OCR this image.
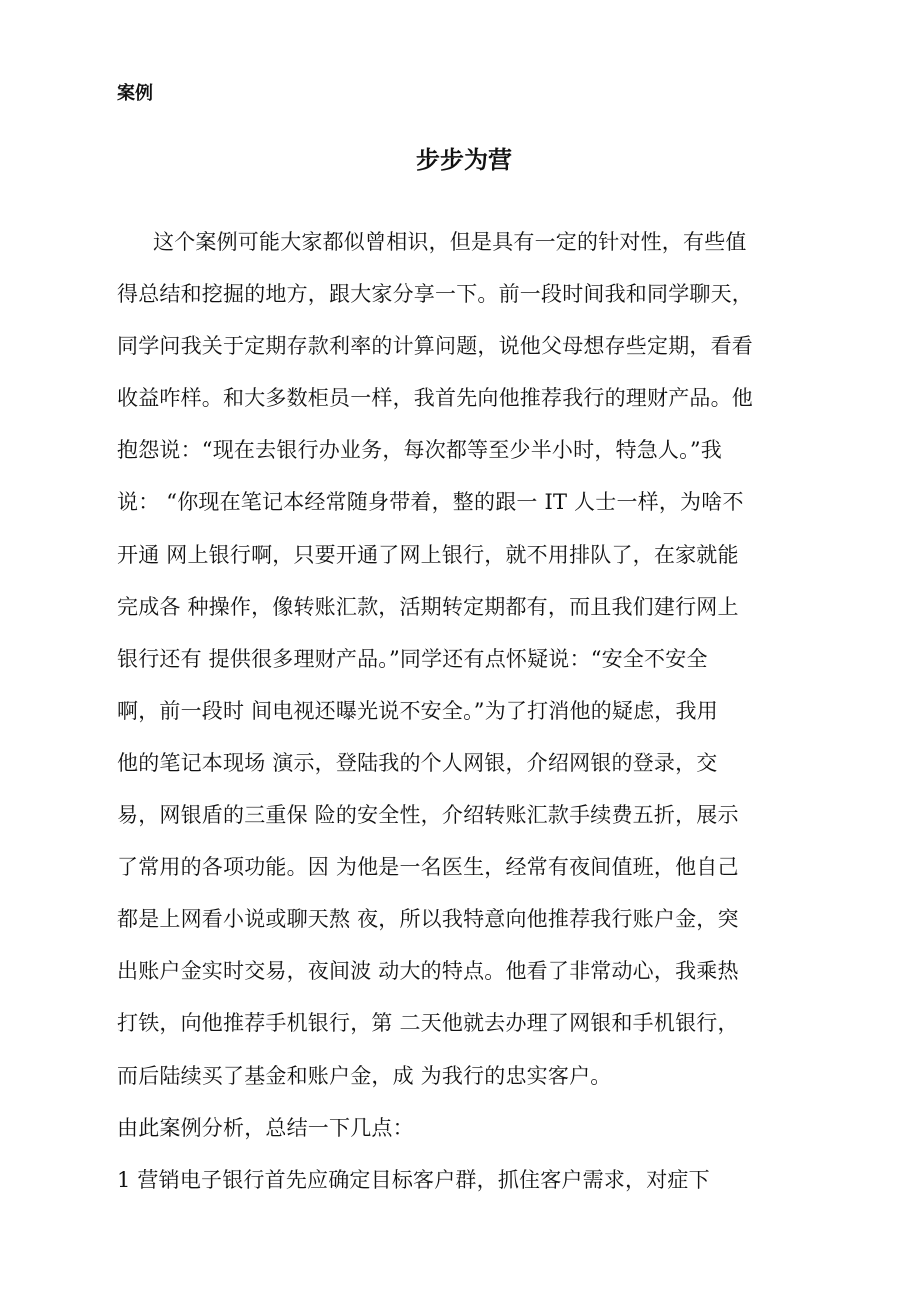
案例

步步为营
这个案例可能大家都似曾相识，但是具有一定的针对性，有些值
得总结和挖掘的地方，跟大家分享一下。前一段时间我和同学聊天，
同学问我关于定期存款利率的计算问题，说他父母想存些定期，看看
收益咋样。和大多数柜员一样，我首先向他推荐我行的理财产品。他
抱怨说：“现在去银行办业务，每次都等至少半小时，特急人。”我
说： “你现在笔记本经常随身带着，整的跟一 IT 人士一样，为啥不
开通 网上银行啊，只要开通了网上银行，就不用排队了，在家就能
完成各 种操作，像转账汇款，活期转定期都有，而且我们建行网上
银行还有 提供很多理财产品。”同学还有点怀疑说：“安全不安全
啊，前一段时 间电视还曝光说不安全。”为了打消他的疑虑，我用
他的笔记本现场 演示，登陆我的个人网银，介绍网银的登录，交
易，网银盾的三重保 险的安全性，介绍转账汇款手续费五折，展示
了常用的各项功能。因 为他是一名医生，经常有夜间值班，他自己
都是上网看小说或聊天熬 夜，所以我特意向他推荐我行账户金，突
出账户金实时交易，夜间波 动大的特点。他看了非常动心，我乘热
打铁，向他推荐手机银行，第 二天他就去办理了网银和手机银行，
而后陆续买了基金和账户金，成 为我行的忠实客户。
由此案例分析，总结一下几点：
1 营销电子银行首先应确定目标客户群，抓住客户需求，对症下
